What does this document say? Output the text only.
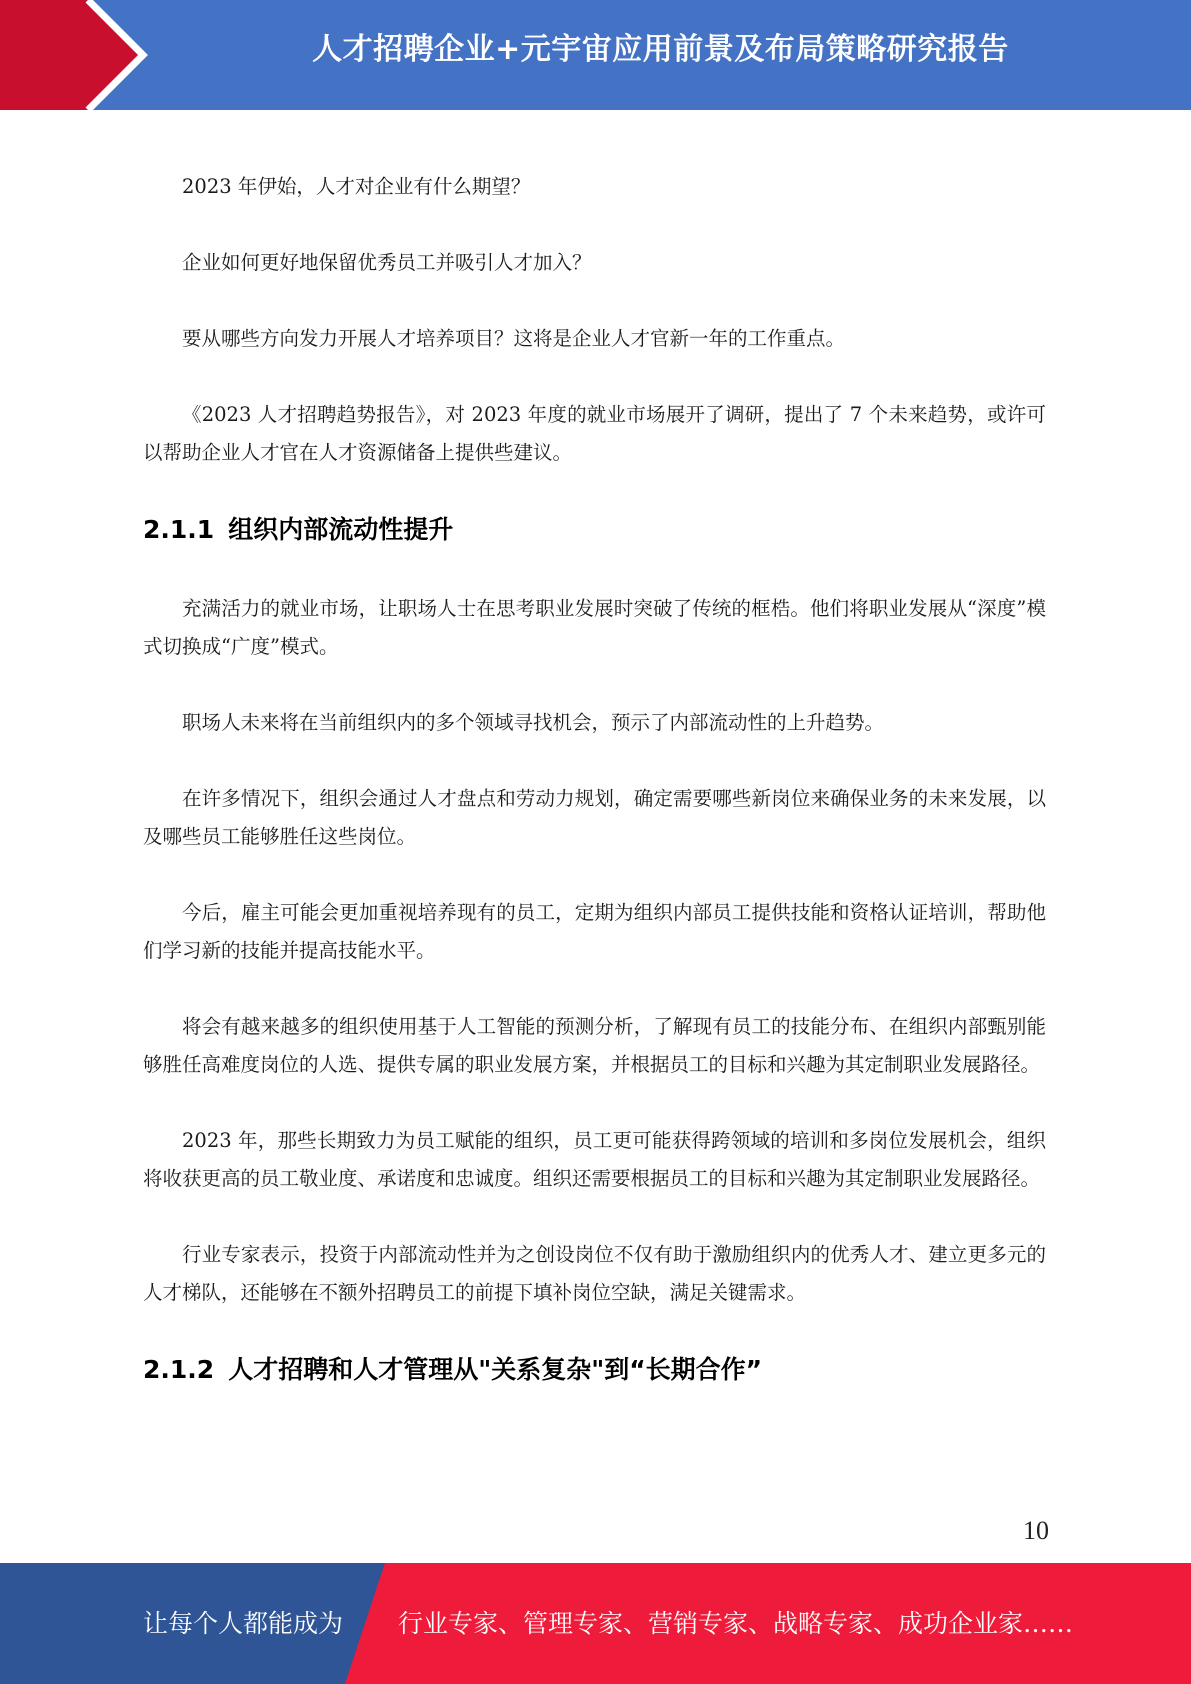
人才招聘企业+元宇宙应用前景及布局策略研究报告

2023 年伊始，人才对企业有什么期望？

企业如何更好地保留优秀员工并吸引人才加入？

要从哪些方向发力开展人才培养项目？这将是企业人才官新一年的工作重点。

《2023 人才招聘趋势报告》，对 2023 年度的就业市场展开了调研，提出了 7 个未来趋势，或许可以帮助企业人才官在人才资源储备上提供些建议。

2.1.1 组织内部流动性提升

充满活力的就业市场，让职场人士在思考职业发展时突破了传统的框梏。他们将职业发展从“深度”模式切换成“广度”模式。

职场人未来将在当前组织内的多个领域寻找机会，预示了内部流动性的上升趋势。

在许多情况下，组织会通过人才盘点和劳动力规划，确定需要哪些新岗位来确保业务的未来发展，以及哪些员工能够胜任这些岗位。

今后，雇主可能会更加重视培养现有的员工，定期为组织内部员工提供技能和资格认证培训，帮助他们学习新的技能并提高技能水平。

将会有越来越多的组织使用基于人工智能的预测分析，了解现有员工的技能分布、在组织内部甄别能够胜任高难度岗位的人选、提供专属的职业发展方案，并根据员工的目标和兴趣为其定制职业发展路径。

2023 年，那些长期致力为员工赋能的组织，员工更可能获得跨领域的培训和多岗位发展机会，组织将收获更高的员工敬业度、承诺度和忠诚度。组织还需要根据员工的目标和兴趣为其定制职业发展路径。

行业专家表示，投资于内部流动性并为之创设岗位不仅有助于激励组织内的优秀人才、建立更多元的人才梯队，还能够在不额外招聘员工的前提下填补岗位空缺，满足关键需求。

2.1.2 人才招聘和人才管理从"关系复杂"到“长期合作”
10
让每个人都能成为 行业专家、管理专家、营销专家、战略专家、成功企业家……
